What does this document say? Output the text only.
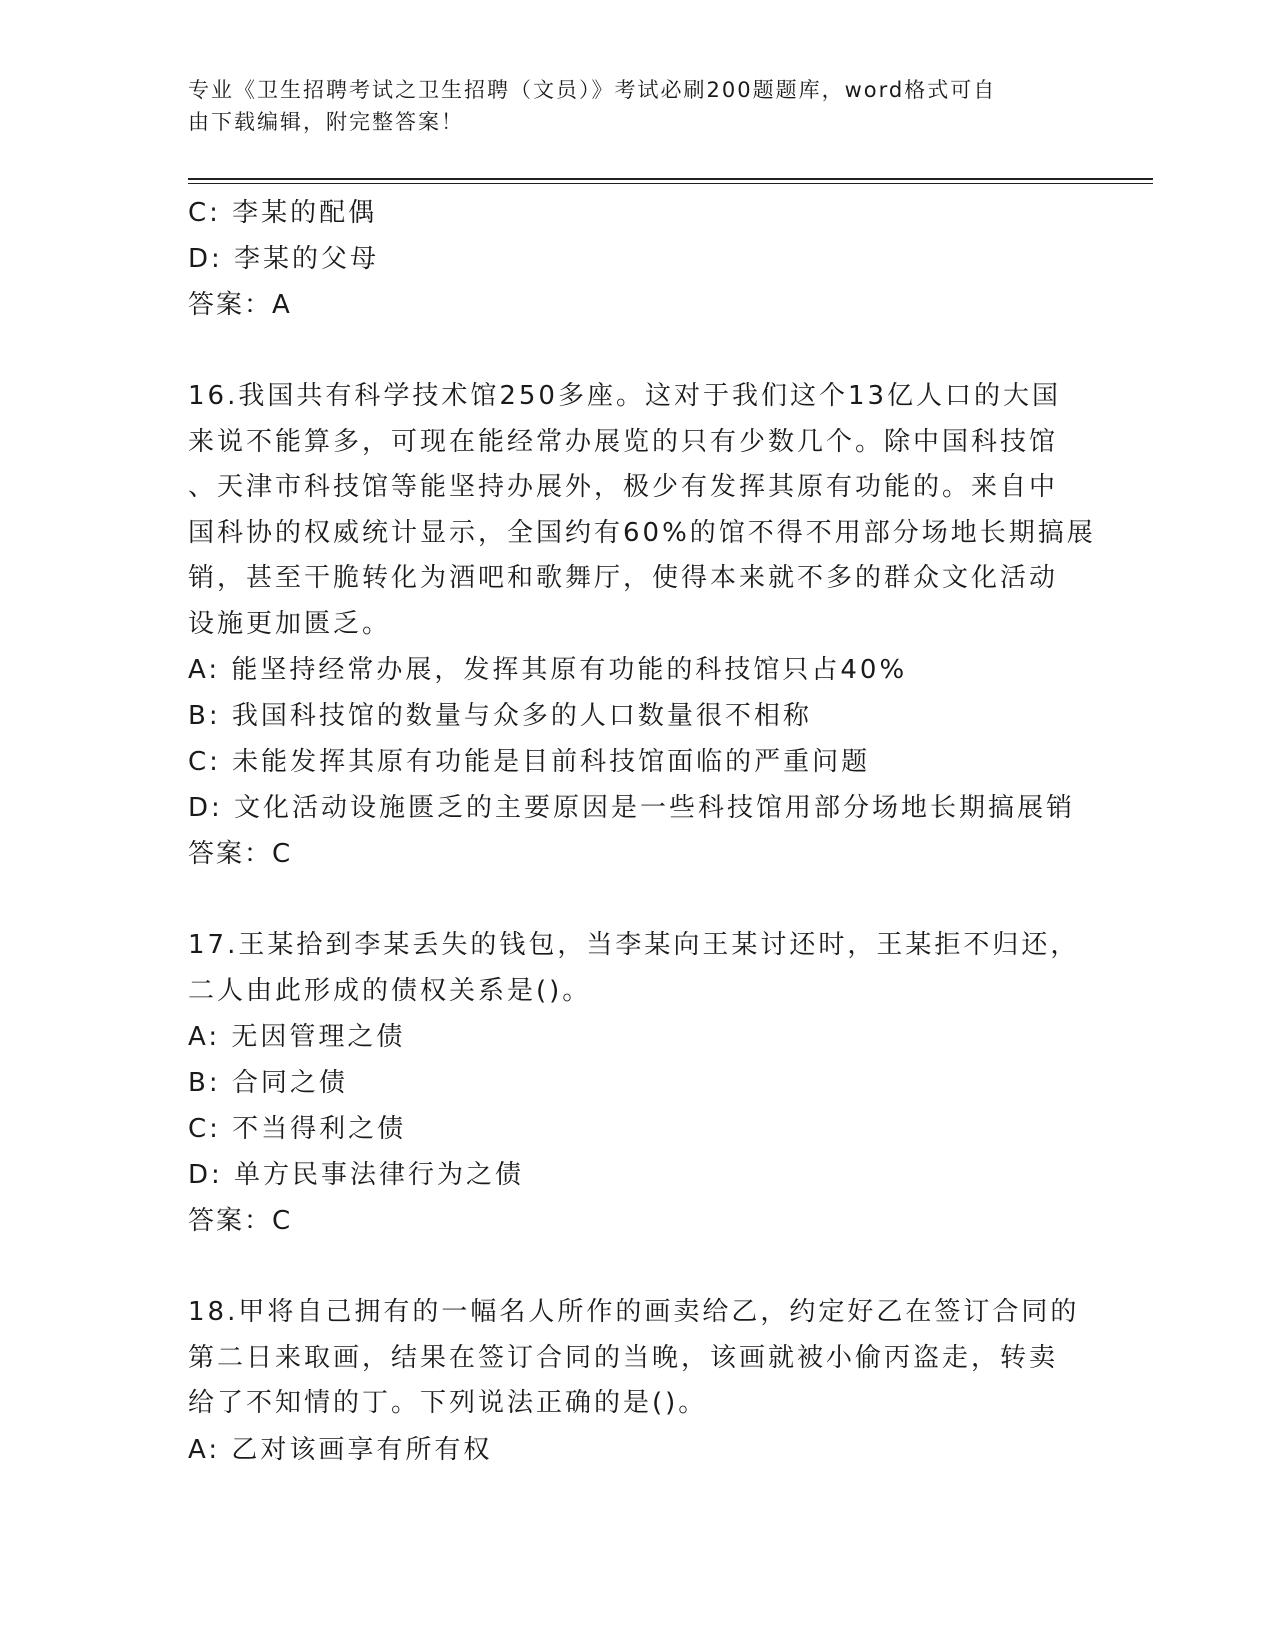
专业《卫生招聘考试之卫生招聘（文员）》考试必刷200题题库，word格式可自
由下载编辑，附完整答案！
C: 李某的配偶
D: 李某的父母
答案：A
16.我国共有科学技术馆250多座。这对于我们这个13亿人口的大国
来说不能算多，可现在能经常办展览的只有少数几个。除中国科技馆
、天津市科技馆等能坚持办展外，极少有发挥其原有功能的。来自中
国科协的权威统计显示，全国约有60%的馆不得不用部分场地长期搞展
销，甚至干脆转化为酒吧和歌舞厅，使得本来就不多的群众文化活动
设施更加匮乏。
A: 能坚持经常办展，发挥其原有功能的科技馆只占40%
B: 我国科技馆的数量与众多的人口数量很不相称
C: 未能发挥其原有功能是目前科技馆面临的严重问题
D: 文化活动设施匮乏的主要原因是一些科技馆用部分场地长期搞展销
答案：C
17.王某拾到李某丢失的钱包，当李某向王某讨还时，王某拒不归还，
二人由此形成的债权关系是()。
A: 无因管理之债
B: 合同之债
C: 不当得利之债
D: 单方民事法律行为之债
答案：C
18.甲将自己拥有的一幅名人所作的画卖给乙，约定好乙在签订合同的
第二日来取画，结果在签订合同的当晚，该画就被小偷丙盗走，转卖
给了不知情的丁。下列说法正确的是()。
A: 乙对该画享有所有权
